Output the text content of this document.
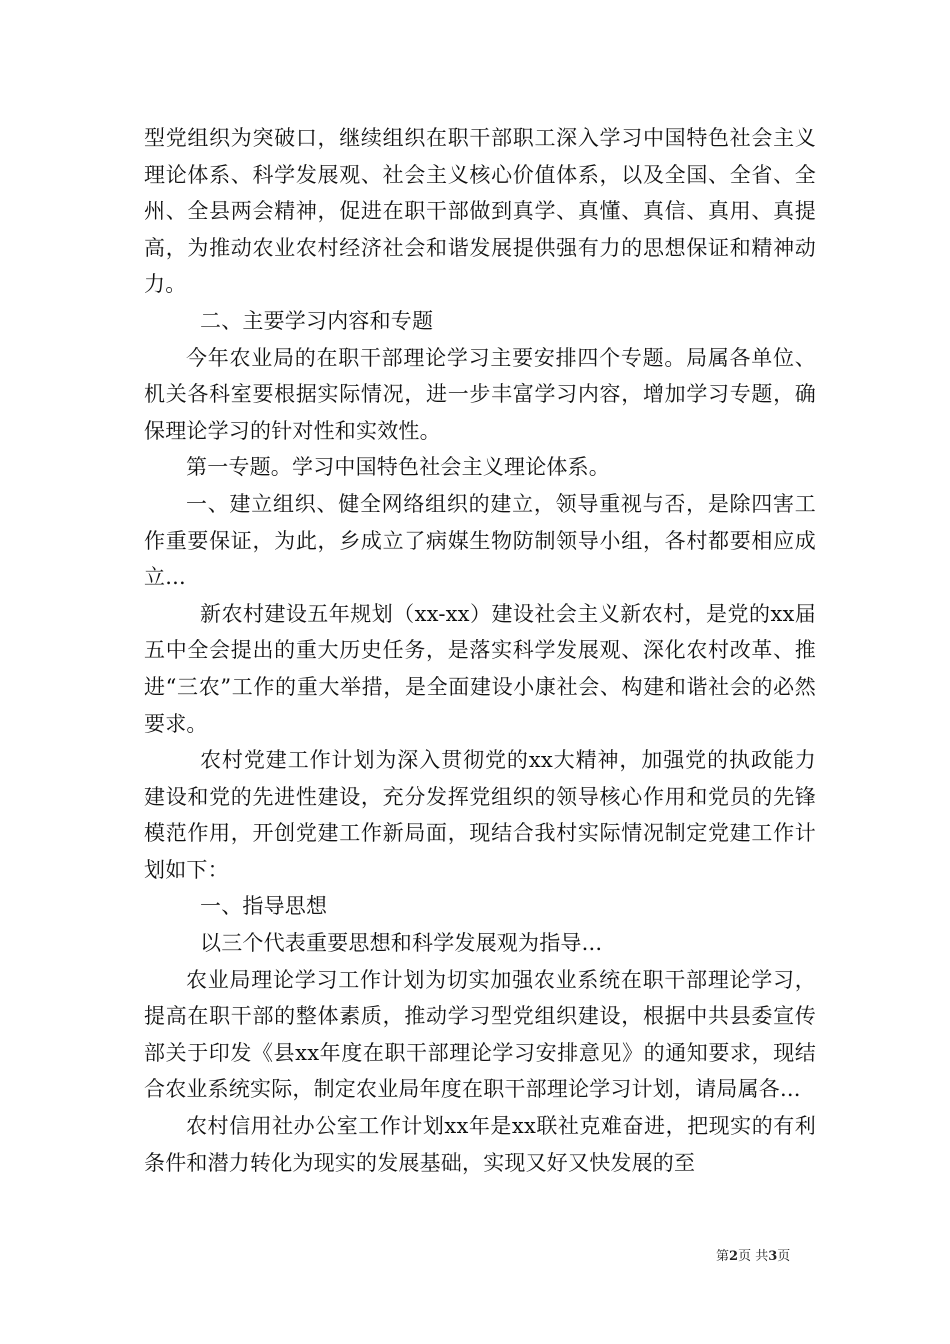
型党组织为突破口，继续组织在职干部职工深入学习中国特色社会主义理论体系、科学发展观、社会主义核心价值体系，以及全国、全省、全州、全县两会精神，促进在职干部做到真学、真懂、真信、真用、真提高，为推动农业农村经济社会和谐发展提供强有力的思想保证和精神动力。

二、主要学习内容和专题

今年农业局的在职干部理论学习主要安排四个专题。局属各单位、机关各科室要根据实际情况，进一步丰富学习内容，增加学习专题，确保理论学习的针对性和实效性。

第一专题。学习中国特色社会主义理论体系。

一、建立组织、健全网络组织的建立，领导重视与否，是除四害工作重要保证，为此，乡成立了病媒生物防制领导小组，各村都要相应成立...

新农村建设五年规划（xx-xx）建设社会主义新农村，是党的xx届五中全会提出的重大历史任务，是落实科学发展观、深化农村改革、推进“三农”工作的重大举措，是全面建设小康社会、构建和谐社会的必然要求。

农村党建工作计划为深入贯彻党的xx大精神，加强党的执政能力建设和党的先进性建设，充分发挥党组织的领导核心作用和党员的先锋模范作用，开创党建工作新局面，现结合我村实际情况制定党建工作计划如下：

一、指导思想

以三个代表重要思想和科学发展观为指导...

农业局理论学习工作计划为切实加强农业系统在职干部理论学习，提高在职干部的整体素质，推动学习型党组织建设，根据中共县委宣传部关于印发《县xx年度在职干部理论学习安排意见》的通知要求，现结合农业系统实际，制定农业局年度在职干部理论学习计划，请局属各...

农村信用社办公室工作计划xx年是xx联社克难奋进，把现实的有利条件和潜力转化为现实的发展基础，实现又好又快发展的至

第2页 共3页
